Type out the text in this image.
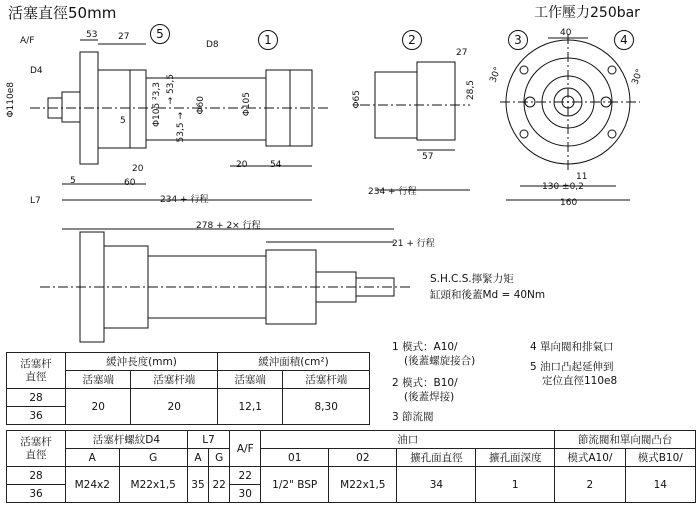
活塞直徑50mm	工作壓力250bar
5	1	2	3	4
A/F
53 27
D8
D4
Φ110e8	Φ105 ²3,3 → 53,5
53,5 →
Φ60	Φ105
5
5
20
60
20	54
L7	234 + 行程
Φ65
27
28,5
57
234 + 行程
40
30°	30°
11
130 ±0,2
160
278 + 2× 行程
21 + 行程
S.H.C.S.擰緊力矩
缸頭和後蓋Md = 40Nm
1 模式：A10/
(後蓋螺旋接合)
2 模式：B10/
(後蓋焊接)
3 節流閥
4 單向閥和排氣口
5 油口凸起延伸到
定位直徑110e8
活塞杆
直徑	緩沖長度(mm)		緩沖面積(cm²)	
	活塞端	活塞杆端	活塞端	活塞杆端
28	20	20	12,1	8,30
36				
活塞杆
直徑	活塞杆螺紋D4		L7		A/F	油口				節流閥和單向閥凸台	
	A	G	A	G		01	02	擴孔面直徑	擴孔面深度	模式A10/	模式B10/
28	M24x2	M22x1,5	35	22	22	1/2" BSP	M22x1,5	34	1	2	14
36					30						
